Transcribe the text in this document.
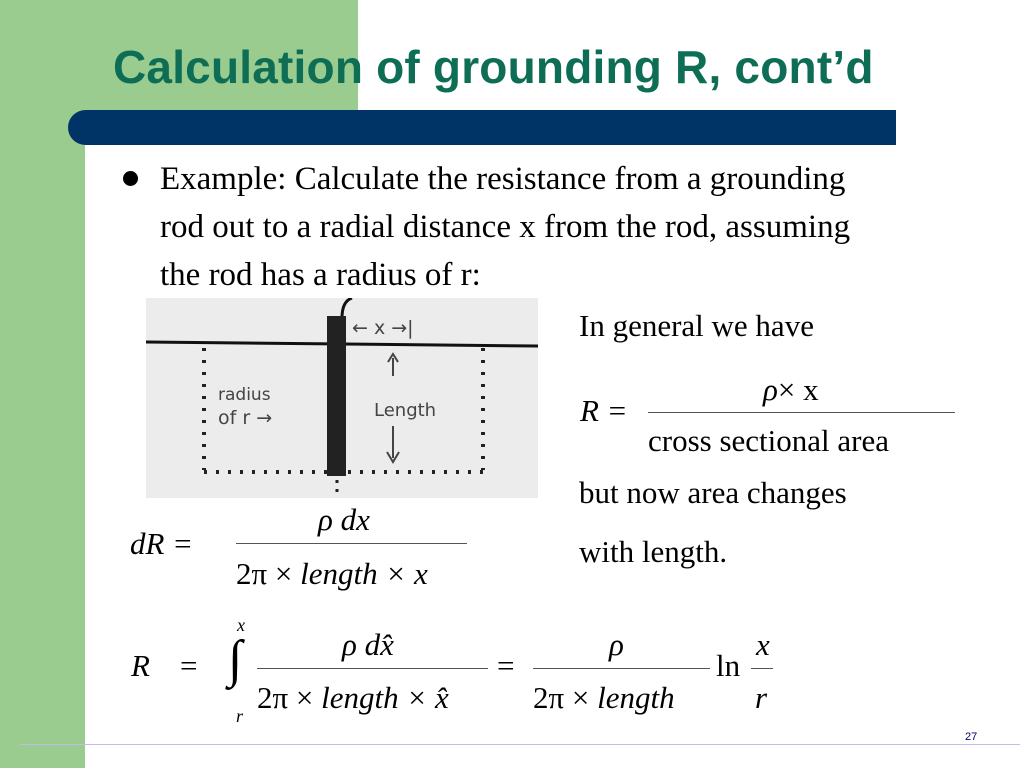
Calculation of grounding R, cont’d
Example: Calculate the resistance from a grounding
rod out to a radial distance x from the rod, assuming
the rod has a radius of r:
← x →|
radius
of r →	Length
In general we have
R =
ρ× x
cross sectional area
but now area changes
with length.
dR =
ρ dx
2π × length × x
R =
x
∫
r
ρ dx̂
2π × length × x̂
=
ρ
2π × length
ln
x
r
27
